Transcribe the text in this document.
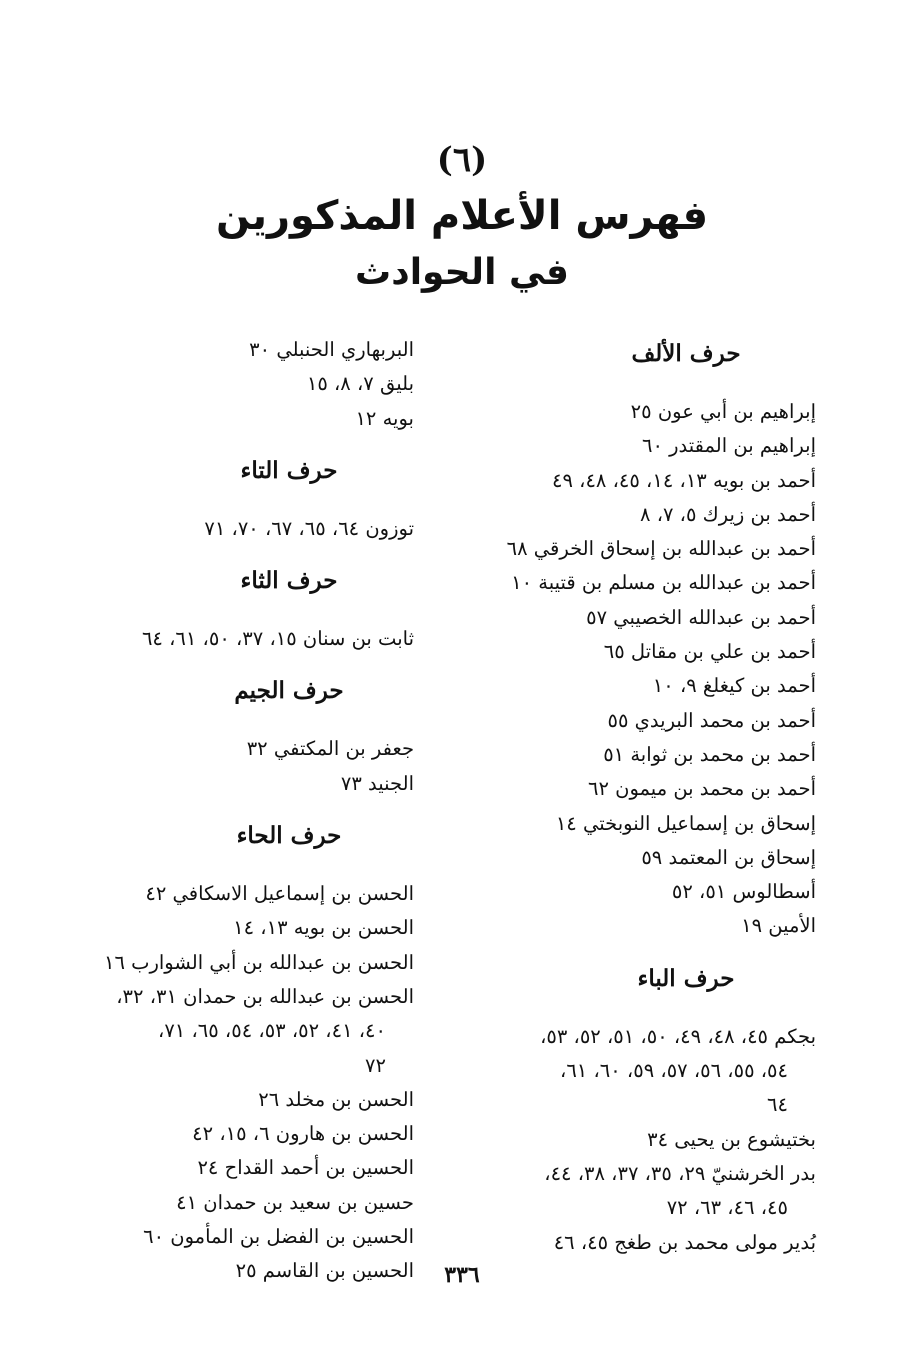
(٦)
فهرس الأعلام المذكورين
في الحوادث
حرف الألف
إبراهيم بن أبي عون ٢٥
إبراهيم بن المقتدر ٦٠
أحمد بن بويه ١٣، ١٤، ٤٥، ٤٨، ٤٩
أحمد بن زيرك ٥، ٧، ٨
أحمد بن عبدالله بن إسحاق الخرقي ٦٨
أحمد بن عبدالله بن مسلم بن قتيبة ١٠
أحمد بن عبدالله الخصيبي ٥٧
أحمد بن علي بن مقاتل ٦٥
أحمد بن كيغلغ ٩، ١٠
أحمد بن محمد البريدي ٥٥
أحمد بن محمد بن ثوابة ٥١
أحمد بن محمد بن ميمون ٦٢
إسحاق بن إسماعيل النوبختي ١٤
إسحاق بن المعتمد ٥٩
أسطالوس ٥١، ٥٢
الأمين ١٩
حرف الباء
بجكم ٤٥، ٤٨، ٤٩، ٥٠، ٥١، ٥٢، ٥٣،
٥٤، ٥٥، ٥٦، ٥٧، ٥٩، ٦٠، ٦١،
٦٤
بختيشوع بن يحيى ٣٤
بدر الخرشنيّ ٢٩، ٣٥، ٣٧، ٣٨، ٤٤،
٤٥، ٤٦، ٦٣، ٧٢
بُدير مولى محمد بن طغج ٤٥، ٤٦
البربهاري الحنبلي ٣٠
بليق ٧، ٨، ١٥
بويه ١٢
حرف التاء
توزون ٦٤، ٦٥، ٦٧، ٧٠، ٧١
حرف الثاء
ثابت بن سنان ١٥، ٣٧، ٥٠، ٦١، ٦٤
حرف الجيم
جعفر بن المكتفي ٣٢
الجنيد ٧٣
حرف الحاء
الحسن بن إسماعيل الاسكافي ٤٢
الحسن بن بويه ١٣، ١٤
الحسن بن عبدالله بن أبي الشوارب ١٦
الحسن بن عبدالله بن حمدان ٣١، ٣٢،
٤٠، ٤١، ٥٢، ٥٣، ٥٤، ٦٥، ٧١،
٧٢
الحسن بن مخلد ٢٦
الحسن بن هارون ٦، ١٥، ٤٢
الحسين بن أحمد القداح ٢٤
حسين بن سعيد بن حمدان ٤١
الحسين بن الفضل بن المأمون ٦٠
الحسين بن القاسم ٢٥	٣٣٦
